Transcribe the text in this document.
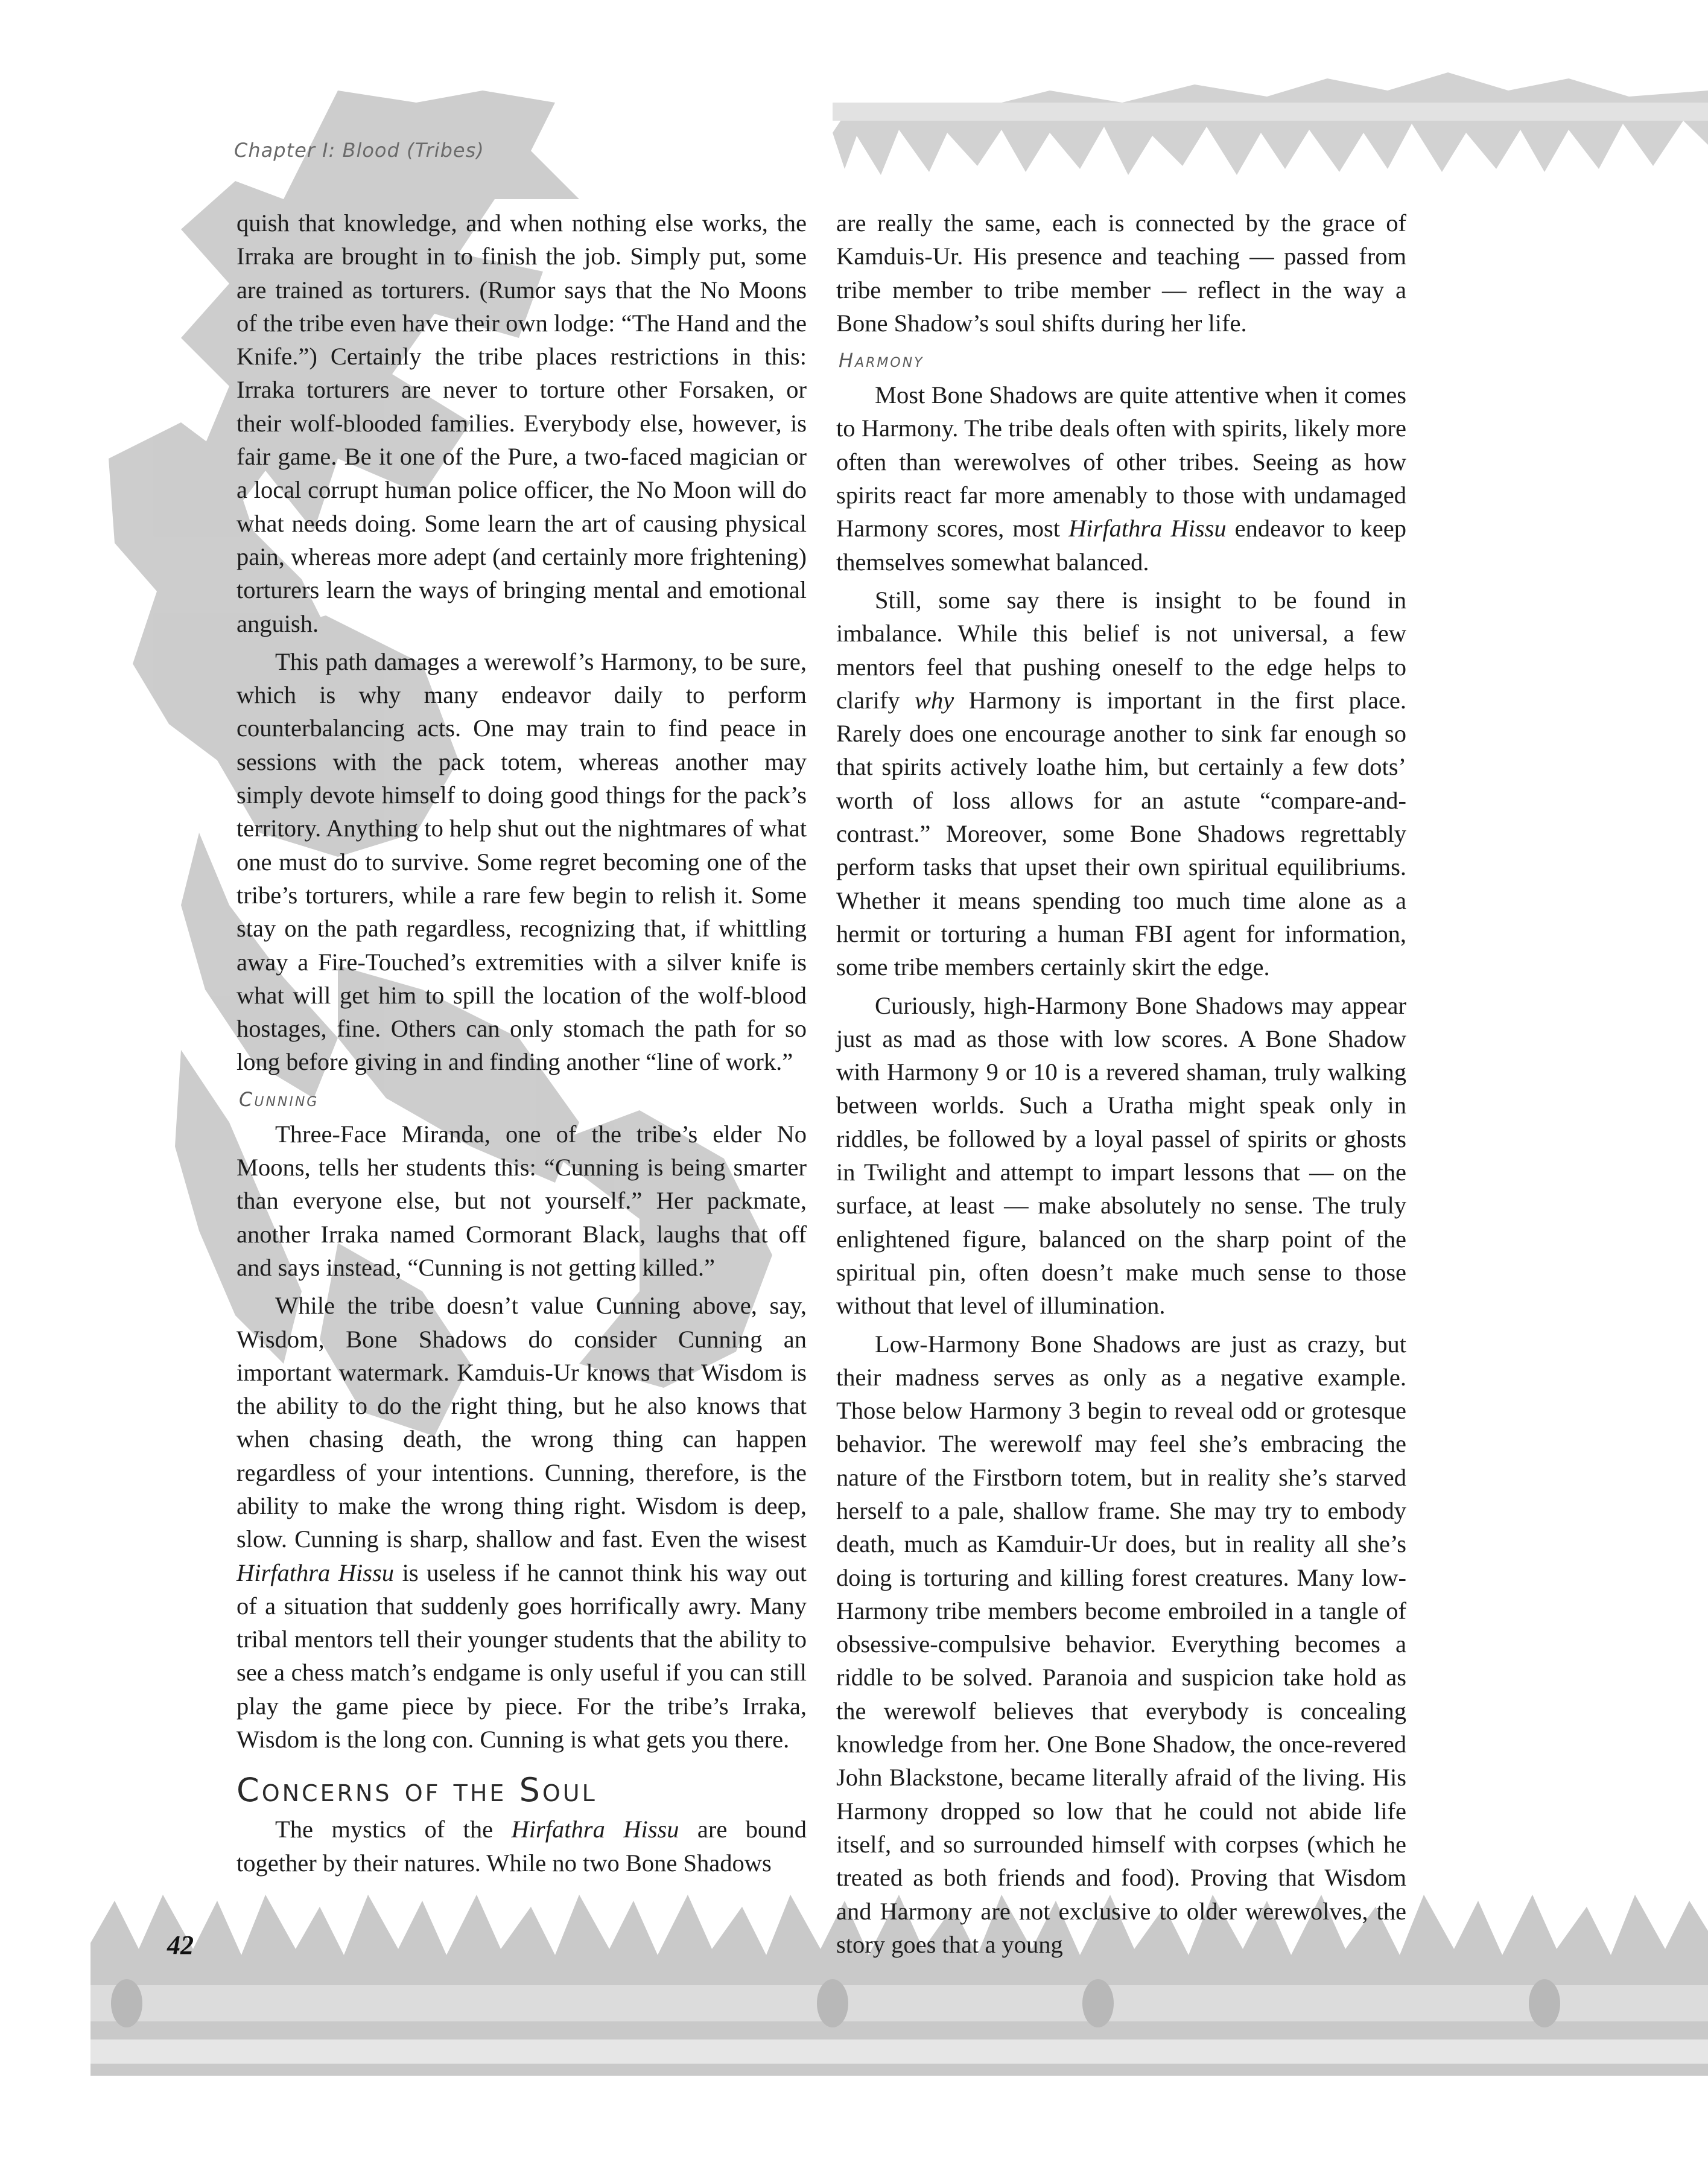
Chapter I: Blood (Tribes)

quish that knowledge, and when nothing else works, the Irraka are brought in to finish the job. Simply put, some are trained as torturers. (Rumor says that the No Moons of the tribe even have their own lodge: “The Hand and the Knife.”) Certainly the tribe places restrictions in this: Irraka torturers are never to torture other Forsaken, or their wolf-blooded families. Everybody else, however, is fair game. Be it one of the Pure, a two-faced magician or a local corrupt human police officer, the No Moon will do what needs doing. Some learn the art of causing physical pain, whereas more adept (and certainly more frightening) torturers learn the ways of bringing mental and emotional anguish.

This path damages a werewolf’s Harmony, to be sure, which is why many endeavor daily to perform counterbalancing acts. One may train to find peace in sessions with the pack totem, whereas another may simply devote himself to doing good things for the pack’s territory. Anything to help shut out the nightmares of what one must do to survive. Some regret becoming one of the tribe’s torturers, while a rare few begin to relish it. Some stay on the path regardless, recognizing that, if whittling away a Fire-Touched’s extremities with a silver knife is what will get him to spill the location of the wolf-blood hostages, fine. Others can only stomach the path for so long before giving in and finding another “line of work.”

Cunning

Three-Face Miranda, one of the tribe’s elder No Moons, tells her students this: “Cunning is being smarter than everyone else, but not yourself.” Her packmate, another Irraka named Cormorant Black, laughs that off and says instead, “Cunning is not getting killed.”

While the tribe doesn’t value Cunning above, say, Wisdom, Bone Shadows do consider Cunning an important watermark. Kamduis-Ur knows that Wisdom is the ability to do the right thing, but he also knows that when chasing death, the wrong thing can happen regardless of your intentions. Cunning, therefore, is the ability to make the wrong thing right. Wisdom is deep, slow. Cunning is sharp, shallow and fast. Even the wisest Hirfathra Hissu is useless if he cannot think his way out of a situation that suddenly goes horrifically awry. Many tribal mentors tell their younger students that the ability to see a chess match’s endgame is only useful if you can still play the game piece by piece. For the tribe’s Irraka, Wisdom is the long con. Cunning is what gets you there.

Concerns of the Soul

The mystics of the Hirfathra Hissu are bound together by their natures. While no two Bone Shadows

are really the same, each is connected by the grace of Kamduis-Ur. His presence and teaching — passed from tribe member to tribe member — reflect in the way a Bone Shadow’s soul shifts during her life.

Harmony

Most Bone Shadows are quite attentive when it comes to Harmony. The tribe deals often with spirits, likely more often than werewolves of other tribes. Seeing as how spirits react far more amenably to those with undamaged Harmony scores, most Hirfathra Hissu endeavor to keep themselves somewhat balanced.

Still, some say there is insight to be found in imbalance. While this belief is not universal, a few mentors feel that pushing oneself to the edge helps to clarify why Harmony is important in the first place. Rarely does one encourage another to sink far enough so that spirits actively loathe him, but certainly a few dots’ worth of loss allows for an astute “compare-and-contrast.” Moreover, some Bone Shadows regrettably perform tasks that upset their own spiritual equilibriums. Whether it means spending too much time alone as a hermit or torturing a human FBI agent for information, some tribe members certainly skirt the edge.

Curiously, high-Harmony Bone Shadows may appear just as mad as those with low scores. A Bone Shadow with Harmony 9 or 10 is a revered shaman, truly walking between worlds. Such a Uratha might speak only in riddles, be followed by a loyal passel of spirits or ghosts in Twilight and attempt to impart lessons that — on the surface, at least — make absolutely no sense. The truly enlightened figure, balanced on the sharp point of the spiritual pin, often doesn’t make much sense to those without that level of illumination.

Low-Harmony Bone Shadows are just as crazy, but their madness serves as only as a negative example. Those below Harmony 3 begin to reveal odd or grotesque behavior. The werewolf may feel she’s embracing the nature of the Firstborn totem, but in reality she’s starved herself to a pale, shallow frame. She may try to embody death, much as Kamduir-Ur does, but in reality all she’s doing is torturing and killing forest creatures. Many low-Harmony tribe members become embroiled in a tangle of obsessive-compulsive behavior. Everything becomes a riddle to be solved. Paranoia and suspicion take hold as the werewolf believes that everybody is concealing knowledge from her. One Bone Shadow, the once-revered John Blackstone, became literally afraid of the living. His Harmony dropped so low that he could not abide life itself, and so surrounded himself with corpses (which he treated as both friends and food). Proving that Wisdom and Harmony are not exclusive to older werewolves, the story goes that a young

42
